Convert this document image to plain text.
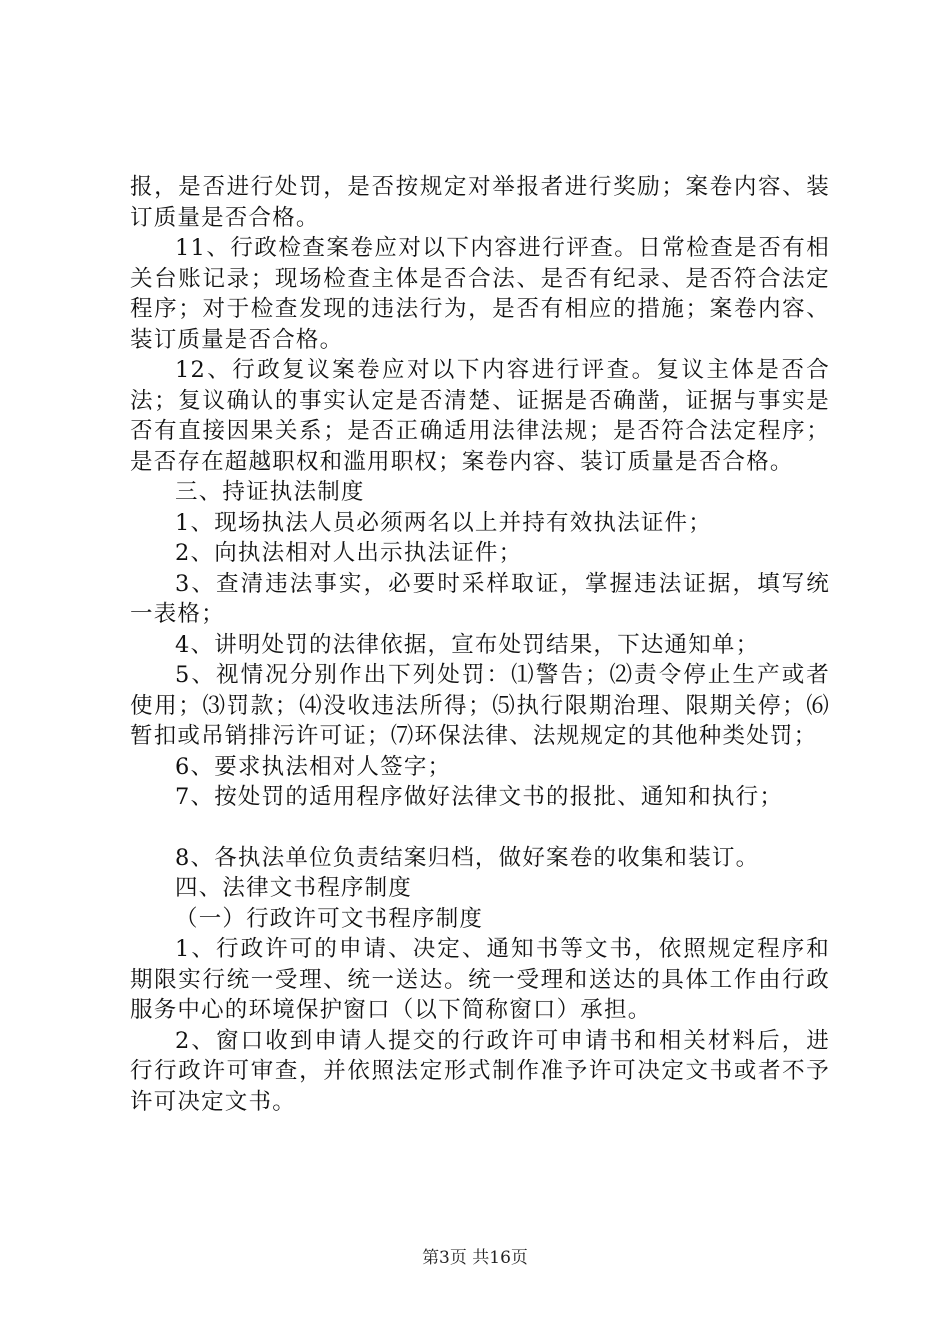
报，是否进行处罚，是否按规定对举报者进行奖励；案卷内容、装订质量是否合格。

11、行政检查案卷应对以下内容进行评查。日常检查是否有相关台账记录；现场检查主体是否合法、是否有纪录、是否符合法定程序；对于检查发现的违法行为，是否有相应的措施；案卷内容、装订质量是否合格。

12、行政复议案卷应对以下内容进行评查。复议主体是否合法；复议确认的事实认定是否清楚、证据是否确凿，证据与事实是否有直接因果关系；是否正确适用法律法规；是否符合法定程序；是否存在超越职权和滥用职权；案卷内容、装订质量是否合格。

三、持证执法制度

1、现场执法人员必须两名以上并持有效执法证件；

2、向执法相对人出示执法证件；

3、查清违法事实，必要时采样取证，掌握违法证据，填写统一表格；

4、讲明处罚的法律依据，宣布处罚结果，下达通知单；

5、视情况分别作出下列处罚：⑴警告；⑵责令停止生产或者使用；⑶罚款；⑷没收违法所得；⑸执行限期治理、限期关停；⑹暂扣或吊销排污许可证；⑺环保法律、法规规定的其他种类处罚；

6、要求执法相对人签字；

7、按处罚的适用程序做好法律文书的报批、通知和执行；

8、各执法单位负责结案归档，做好案卷的收集和装订。

四、法律文书程序制度

（一）行政许可文书程序制度

1、行政许可的申请、决定、通知书等文书，依照规定程序和期限实行统一受理、统一送达。统一受理和送达的具体工作由行政服务中心的环境保护窗口（以下简称窗口）承担。

2、窗口收到申请人提交的行政许可申请书和相关材料后，进行行政许可审查，并依照法定形式制作准予许可决定文书或者不予许可决定文书。

第3页 共16页
